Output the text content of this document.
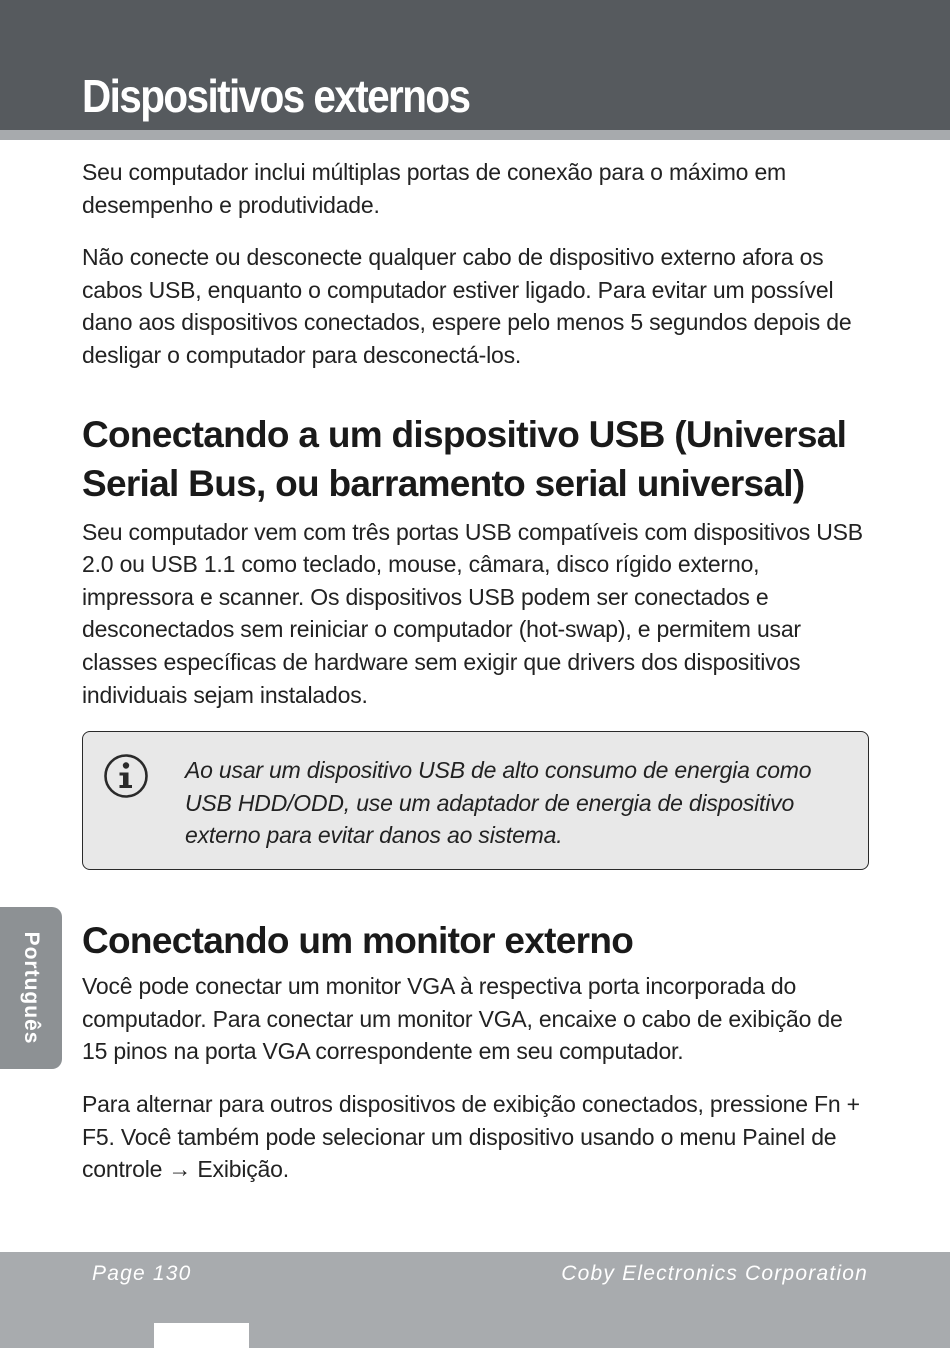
Dispositivos externos

Seu computador inclui múltiplas portas de conexão para o máximo em desempenho e produtividade.

Não conecte ou desconecte qualquer cabo de dispositivo externo afora os cabos USB, enquanto o computador estiver ligado. Para evitar um possível dano aos dispositivos conectados, espere pelo menos 5 segundos depois de desligar o computador para desconectá-los.

Conectando a um dispositivo USB (Universal Serial Bus, ou barramento serial universal)

Seu computador vem com três portas USB compatíveis com dispositivos USB 2.0 ou USB 1.1 como teclado, mouse, câmara, disco rígido externo, impressora e scanner. Os dispositivos USB podem ser conectados e desconectados sem reiniciar o computador (hot-swap), e permitem usar classes específicas de hardware sem exigir que drivers dos dispositivos individuais sejam instalados.

Ao usar um dispositivo USB de alto consumo de energia como USB HDD/ODD, use um adaptador de energia de dispositivo externo para evitar danos ao sistema.

Conectando um monitor externo

Você pode conectar um monitor VGA à respectiva porta incorporada do computador. Para conectar um monitor VGA, encaixe o cabo de exibição de 15 pinos na porta VGA correspondente em seu computador.

Para alternar para outros dispositivos de exibição conectados, pressione Fn + F5. Você também pode selecionar um dispositivo usando o menu Painel de controle → Exibição.

Português
Page 130	Coby Electronics Corporation
